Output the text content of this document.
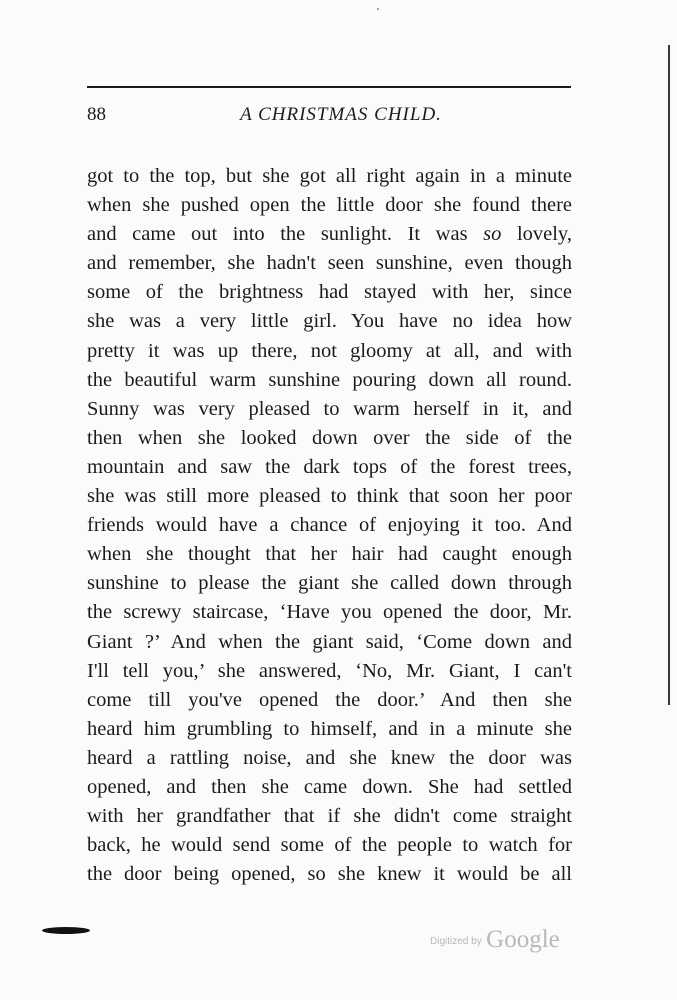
88	A CHRISTMAS CHILD.
got to the top, but she got all right again in a minute
when she pushed open the little door she found there
and came out into the sunlight. It was so lovely,
and remember, she hadn't seen sunshine, even though
some of the brightness had stayed with her, since
she was a very little girl. You have no idea how
pretty it was up there, not gloomy at all, and with
the beautiful warm sunshine pouring down all round.
Sunny was very pleased to warm herself in it, and
then when she looked down over the side of the
mountain and saw the dark tops of the forest trees,
she was still more pleased to think that soon her poor
friends would have a chance of enjoying it too. And
when she thought that her hair had caught enough
sunshine to please the giant she called down through
the screwy staircase, ‘Have you opened the door, Mr.
Giant ?’ And when the giant said, ‘Come down and
I'll tell you,’ she answered, ‘No, Mr. Giant, I can't
come till you've opened the door.’ And then she
heard him grumbling to himself, and in a minute she
heard a rattling noise, and she knew the door was
opened, and then she came down. She had settled
with her grandfather that if she didn't come straight
back, he would send some of the people to watch for
the door being opened, so she knew it would be all
Digitized by Google
